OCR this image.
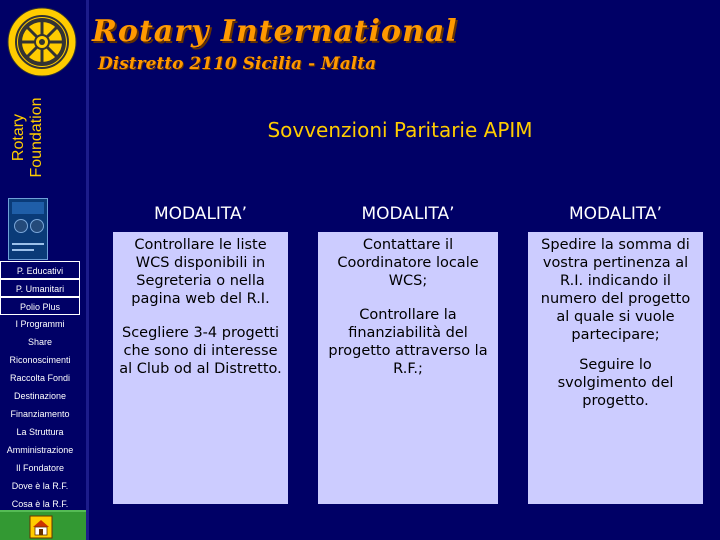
Rotary Foundation
P. Educativi
P. Umanitari
Polio Plus
I Programmi
Share
Riconoscimenti
Raccolta Fondi
Destinazione
Finanziamento
La Struttura
Amministrazione
Il Fondatore
Dove è la R.F.
Cosa è la R.F.
Rotary International
Distretto 2110 Sicilia - Malta
Sovvenzioni Paritarie APIM
MODALITA’

Controllare le liste WCS disponibili in Segreteria o nella pagina web del R.I.

Scegliere 3-4 progetti che sono di interesse al Club od al Distretto.

MODALITA’

Contattare il Coordinatore locale WCS;

Controllare la finanziabilità del progetto attraverso la R.F.;

MODALITA’

Spedire la somma di vostra pertinenza al R.I. indicando il numero del progetto al quale si vuole partecipare;

Seguire lo svolgimento del progetto.
